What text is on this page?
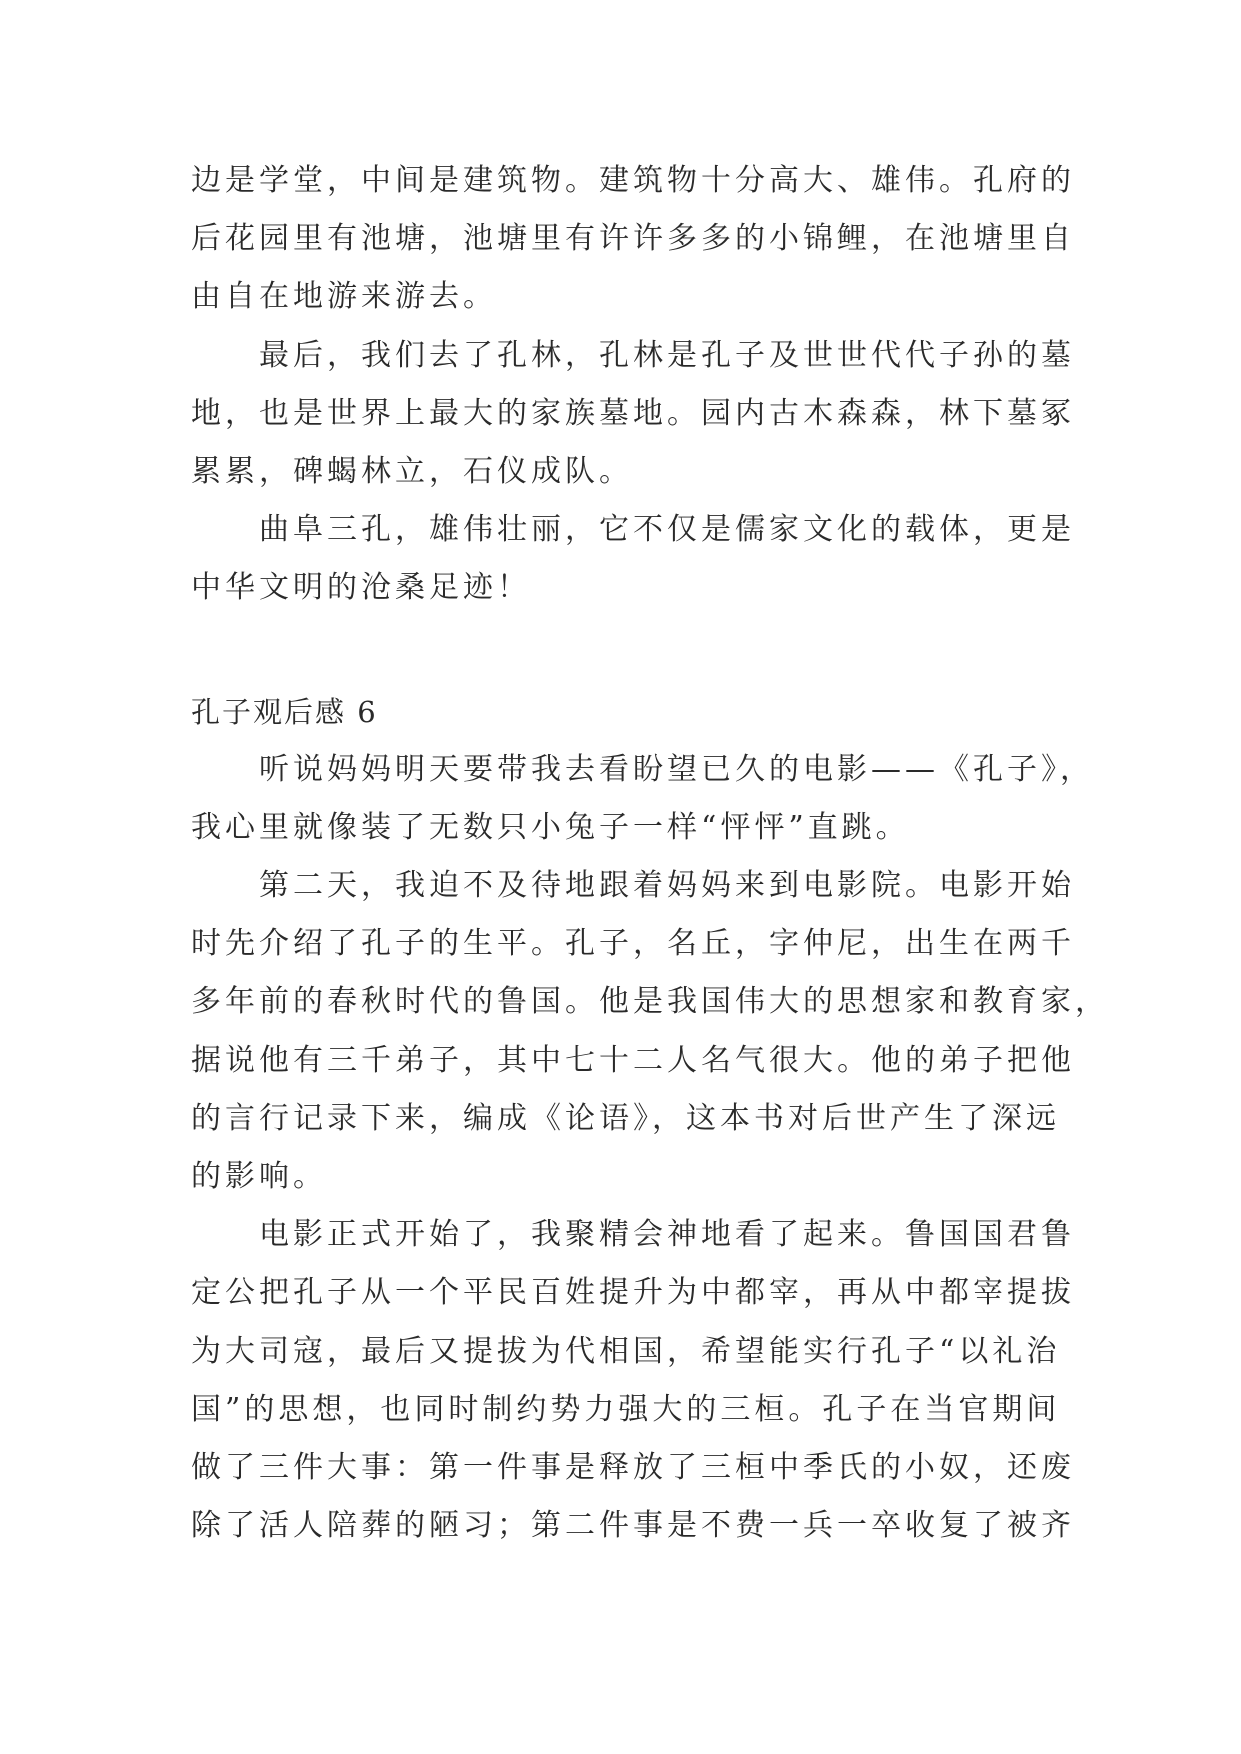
边是学堂，中间是建筑物。建筑物十分高大、雄伟。孔府的
后花园里有池塘，池塘里有许许多多的小锦鲤，在池塘里自
由自在地游来游去。
最后，我们去了孔林，孔林是孔子及世世代代子孙的墓
地，也是世界上最大的家族墓地。园内古木森森，林下墓冢
累累，碑蝎林立，石仪成队。
曲阜三孔，雄伟壮丽，它不仅是儒家文化的载体，更是
中华文明的沧桑足迹！
孔子观后感 6
听说妈妈明天要带我去看盼望已久的电影——《孔子》，
我心里就像装了无数只小兔子一样“怦怦”直跳。
第二天，我迫不及待地跟着妈妈来到电影院。电影开始
时先介绍了孔子的生平。孔子，名丘，字仲尼，出生在两千
多年前的春秋时代的鲁国。他是我国伟大的思想家和教育家，
据说他有三千弟子，其中七十二人名气很大。他的弟子把他
的言行记录下来，编成《论语》，这本书对后世产生了深远
的影响。
电影正式开始了，我聚精会神地看了起来。鲁国国君鲁
定公把孔子从一个平民百姓提升为中都宰，再从中都宰提拔
为大司寇，最后又提拔为代相国，希望能实行孔子“以礼治
国”的思想，也同时制约势力强大的三桓。孔子在当官期间
做了三件大事：第一件事是释放了三桓中季氏的小奴，还废
除了活人陪葬的陋习；第二件事是不费一兵一卒收复了被齐
